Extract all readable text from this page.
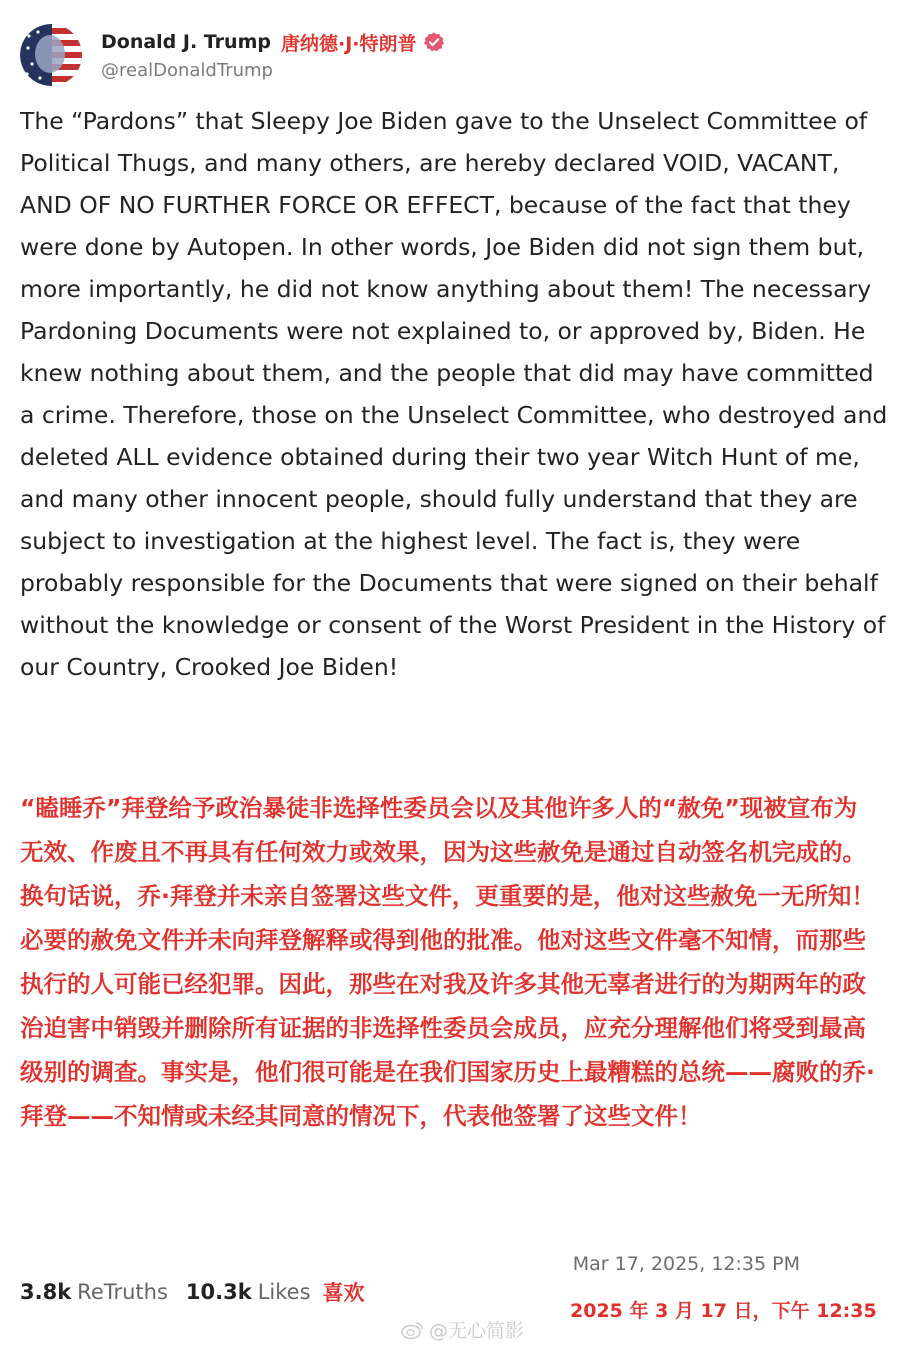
Donald J. Trump 唐纳德·J·特朗普
@realDonaldTrump

The “Pardons” that Sleepy Joe Biden gave to the Unselect Committee of Political Thugs, and many others, are hereby declared VOID, VACANT, AND OF NO FURTHER FORCE OR EFFECT, because of the fact that they were done by Autopen. In other words, Joe Biden did not sign them but, more importantly, he did not know anything about them! The necessary Pardoning Documents were not explained to, or approved by, Biden. He knew nothing about them, and the people that did may have committed a crime. Therefore, those on the Unselect Committee, who destroyed and deleted ALL evidence obtained during their two year Witch Hunt of me, and many other innocent people, should fully understand that they are subject to investigation at the highest level. The fact is, they were probably responsible for the Documents that were signed on their behalf without the knowledge or consent of the Worst President in the History of our Country, Crooked Joe Biden!

“瞌睡乔”拜登给予政治暴徒非选择性委员会以及其他许多人的“赦免”现被宣布为无效、作废且不再具有任何效力或效果，因为这些赦免是通过自动签名机完成的。换句话说，乔·拜登并未亲自签署这些文件，更重要的是，他对这些赦免一无所知！必要的赦免文件并未向拜登解释或得到他的批准。他对这些文件毫不知情，而那些执行的人可能已经犯罪。因此，那些在对我及许多其他无辜者进行的为期两年的政治迫害中销毁并删除所有证据的非选择性委员会成员，应充分理解他们将受到最高级别的调查。事实是，他们很可能是在我们国家历史上最糟糕的总统——腐败的乔·拜登——不知情或未经其同意的情况下，代表他签署了这些文件！

3.8k ReTruths 10.3k Likes 喜欢
Mar 17, 2025, 12:35 PM
2025 年 3 月 17 日，下午 12:35
@无心简影
